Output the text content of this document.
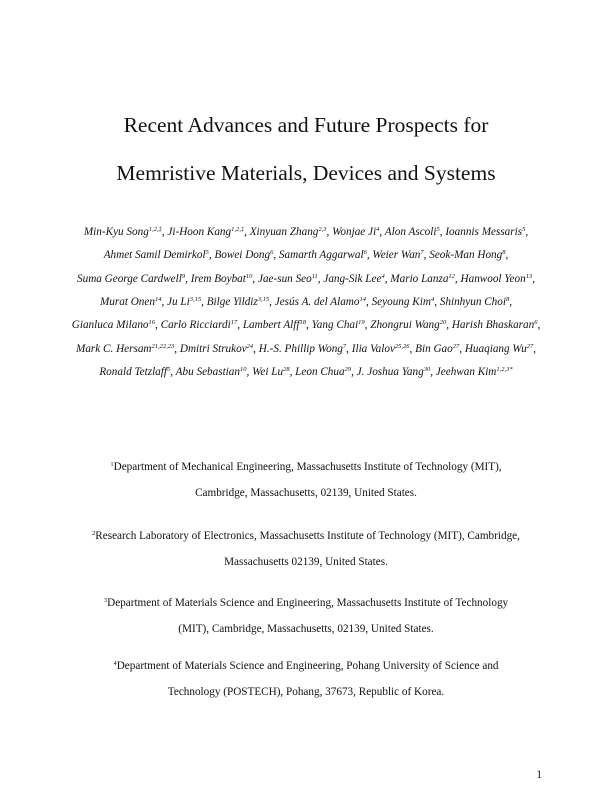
Recent Advances and Future Prospects for
Memristive Materials, Devices and Systems
Min-Kyu Song$^{1,2,\ddagger}$, Ji-Hoon Kang$^{1,2,\ddagger}$, Xinyuan Zhang$^{2,3}$, Wonjae Ji$^4$, Alon Ascoli$^5$, Ioannis Messaris$^5$, Ahmet Samil Demirkol$^5$, Bowei Dong$^6$, Samarth Aggarwal$^6$, Weier Wan$^7$, Seok-Man Hong$^8$, Suma George Cardwell$^9$, Irem Boybat$^{10}$, Jae-sun Seo$^{11}$, Jang-Sik Lee$^4$, Mario Lanza$^{12}$, Hanwool Yeon$^{13}$, Murat Onen$^{14}$, Ju Li$^{3,15}$, Bilge Yildiz$^{3,15}$, Jesús A. del Alamo$^{14}$, Seyoung Kim$^4$, Shinhyun Choi$^8$, Gianluca Milano$^{16}$, Carlo Ricciardi$^{17}$, Lambert Alff$^{18}$, Yang Chai$^{19}$, Zhongrui Wang$^{20}$, Harish Bhaskaran$^6$, Mark C. Hersam$^{21,22,23}$, Dmitri Strukov$^{24}$, H.-S. Phillip Wong$^7$, Ilia Valov$^{25,26}$, Bin Gao$^{27}$, Huaqiang Wu$^{27}$, Ronald Tetzlaff$^5$, Abu Sebastian$^{10}$, Wei Lu$^{28}$, Leon Chua$^{29}$, J. Joshua Yang$^{30}$, Jeehwan Kim$^{1,2,3*}$
$^1$Department of Mechanical Engineering, Massachusetts Institute of Technology (MIT),
Cambridge, Massachusetts, 02139, United States.
$^2$Research Laboratory of Electronics, Massachusetts Institute of Technology (MIT), Cambridge,
Massachusetts 02139, United States.
$^3$Department of Materials Science and Engineering, Massachusetts Institute of Technology
(MIT), Cambridge, Massachusetts, 02139, United States.
$^4$Department of Materials Science and Engineering, Pohang University of Science and
Technology (POSTECH), Pohang, 37673, Republic of Korea.
1
